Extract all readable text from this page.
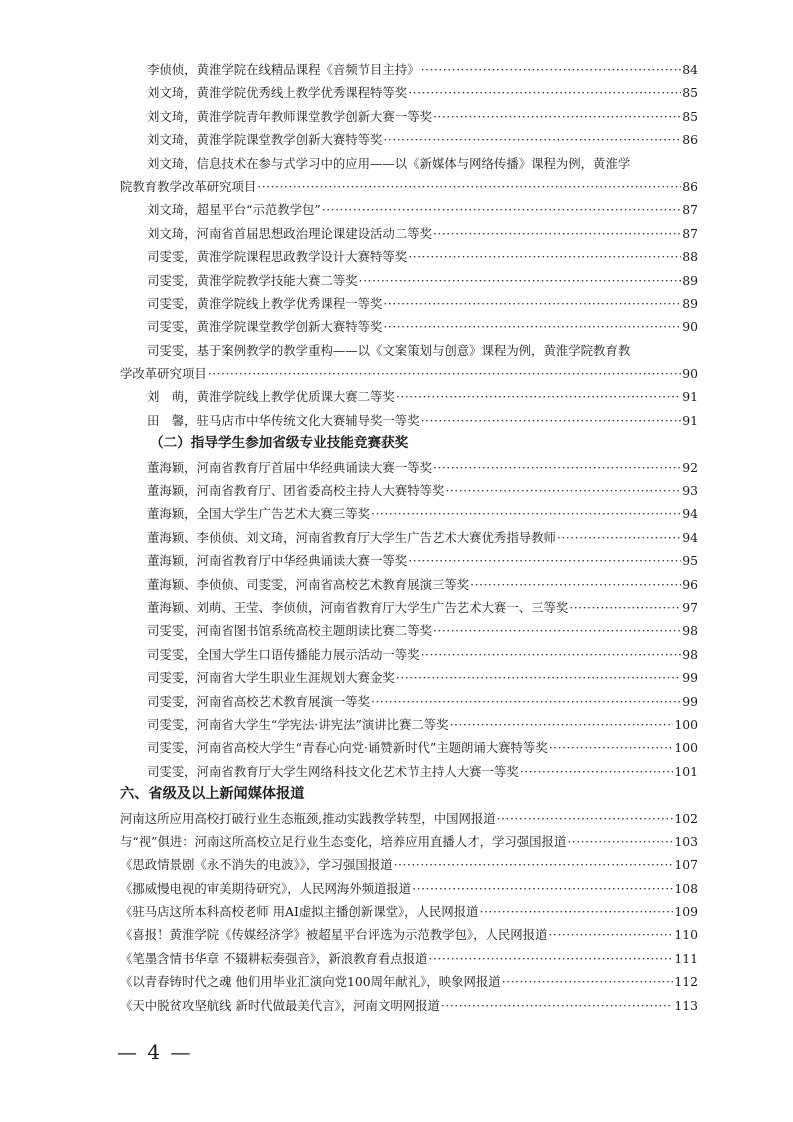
李侦侦，黄淮学院在线精品课程《音频节目主持》 ·····	84
刘文琦，黄淮学院优秀线上教学优秀课程特等奖 ·····	85
刘文琦，黄淮学院青年教师课堂教学创新大赛一等奖 ·····	85
刘文琦，黄淮学院课堂教学创新大赛特等奖 ·····	86
刘文琦，信息技术在参与式学习中的应用——以《新媒体与网络传播》课程为例，黄淮学
院教育教学改革研究项目 ·····	86
刘文琦，超星平台“示范教学包” ·····	87
刘文琦，河南省首届思想政治理论课建设活动二等奖 ·····	87
司雯雯，黄淮学院课程思政教学设计大赛特等奖 ·····	88
司雯雯，黄淮学院教学技能大赛二等奖 ·····	89
司雯雯，黄淮学院线上教学优秀课程一等奖 ·····	89
司雯雯，黄淮学院课堂教学创新大赛特等奖 ·····	90
司雯雯，基于案例教学的教学重构——以《文案策划与创意》课程为例，黄淮学院教育教
学改革研究项目 ·····	90
刘　萌，黄淮学院线上教学优质课大赛二等奖 ·····	91
田　馨，驻马店市中华传统文化大赛辅导奖一等奖 ·····	91
（二）指导学生参加省级专业技能竞赛获奖
董海颖，河南省教育厅首届中华经典诵读大赛一等奖 ·····	92
董海颖，河南省教育厅、团省委高校主持人大赛特等奖 ·····	93
董海颖，全国大学生广告艺术大赛三等奖 ·····	94
董海颖、李侦侦、刘文琦，河南省教育厅大学生广告艺术大赛优秀指导教师 ·····	94
董海颖，河南省教育厅中华经典诵读大赛一等奖 ·····	95
董海颖、李侦侦、司雯雯，河南省高校艺术教育展演三等奖 ·····	96
董海颖、刘萌、王莹、李侦侦，河南省教育厅大学生广告艺术大赛一、三等奖 ·····	97
司雯雯，河南省图书馆系统高校主题朗读比赛二等奖 ·····	98
司雯雯，全国大学生口语传播能力展示活动一等奖 ·····	98
司雯雯，河南省大学生职业生涯规划大赛金奖 ·····	99
司雯雯，河南省高校艺术教育展演一等奖 ·····	99
司雯雯，河南省大学生“学宪法·讲宪法”演讲比赛二等奖 ·····	100
司雯雯，河南省高校大学生“青春心向党·诵赞新时代”主题朗诵大赛特等奖 ·····	100
司雯雯，河南省教育厅大学生网络科技文化艺术节主持人大赛一等奖 ·····	101
六、省级及以上新闻媒体报道
河南这所应用高校打破行业生态瓶颈,推动实践教学转型，中国网报道 ·····	102
与“视”俱进：河南这所高校立足行业生态变化，培养应用直播人才，学习强国报道 ·····	103
《思政情景剧《永不消失的电波》》，学习强国报道 ·····	107
《挪威慢电视的审美期待研究》，人民网海外频道报道 ·····	108
《驻马店这所本科高校老师 用AI虚拟主播创新课堂》，人民网报道 ·····	109
《喜报！黄淮学院《传媒经济学》被超星平台评选为示范教学包》，人民网报道 ·····	110
《笔墨含情书华章 不辍耕耘奏强音》，新浪教育看点报道 ·····	111
《以青春铸时代之魂 他们用毕业汇演向党100周年献礼》，映象网报道 ·····	112
《天中脱贫攻坚航线 新时代做最美代言》，河南文明网报道 ·····	113
— 4 —
